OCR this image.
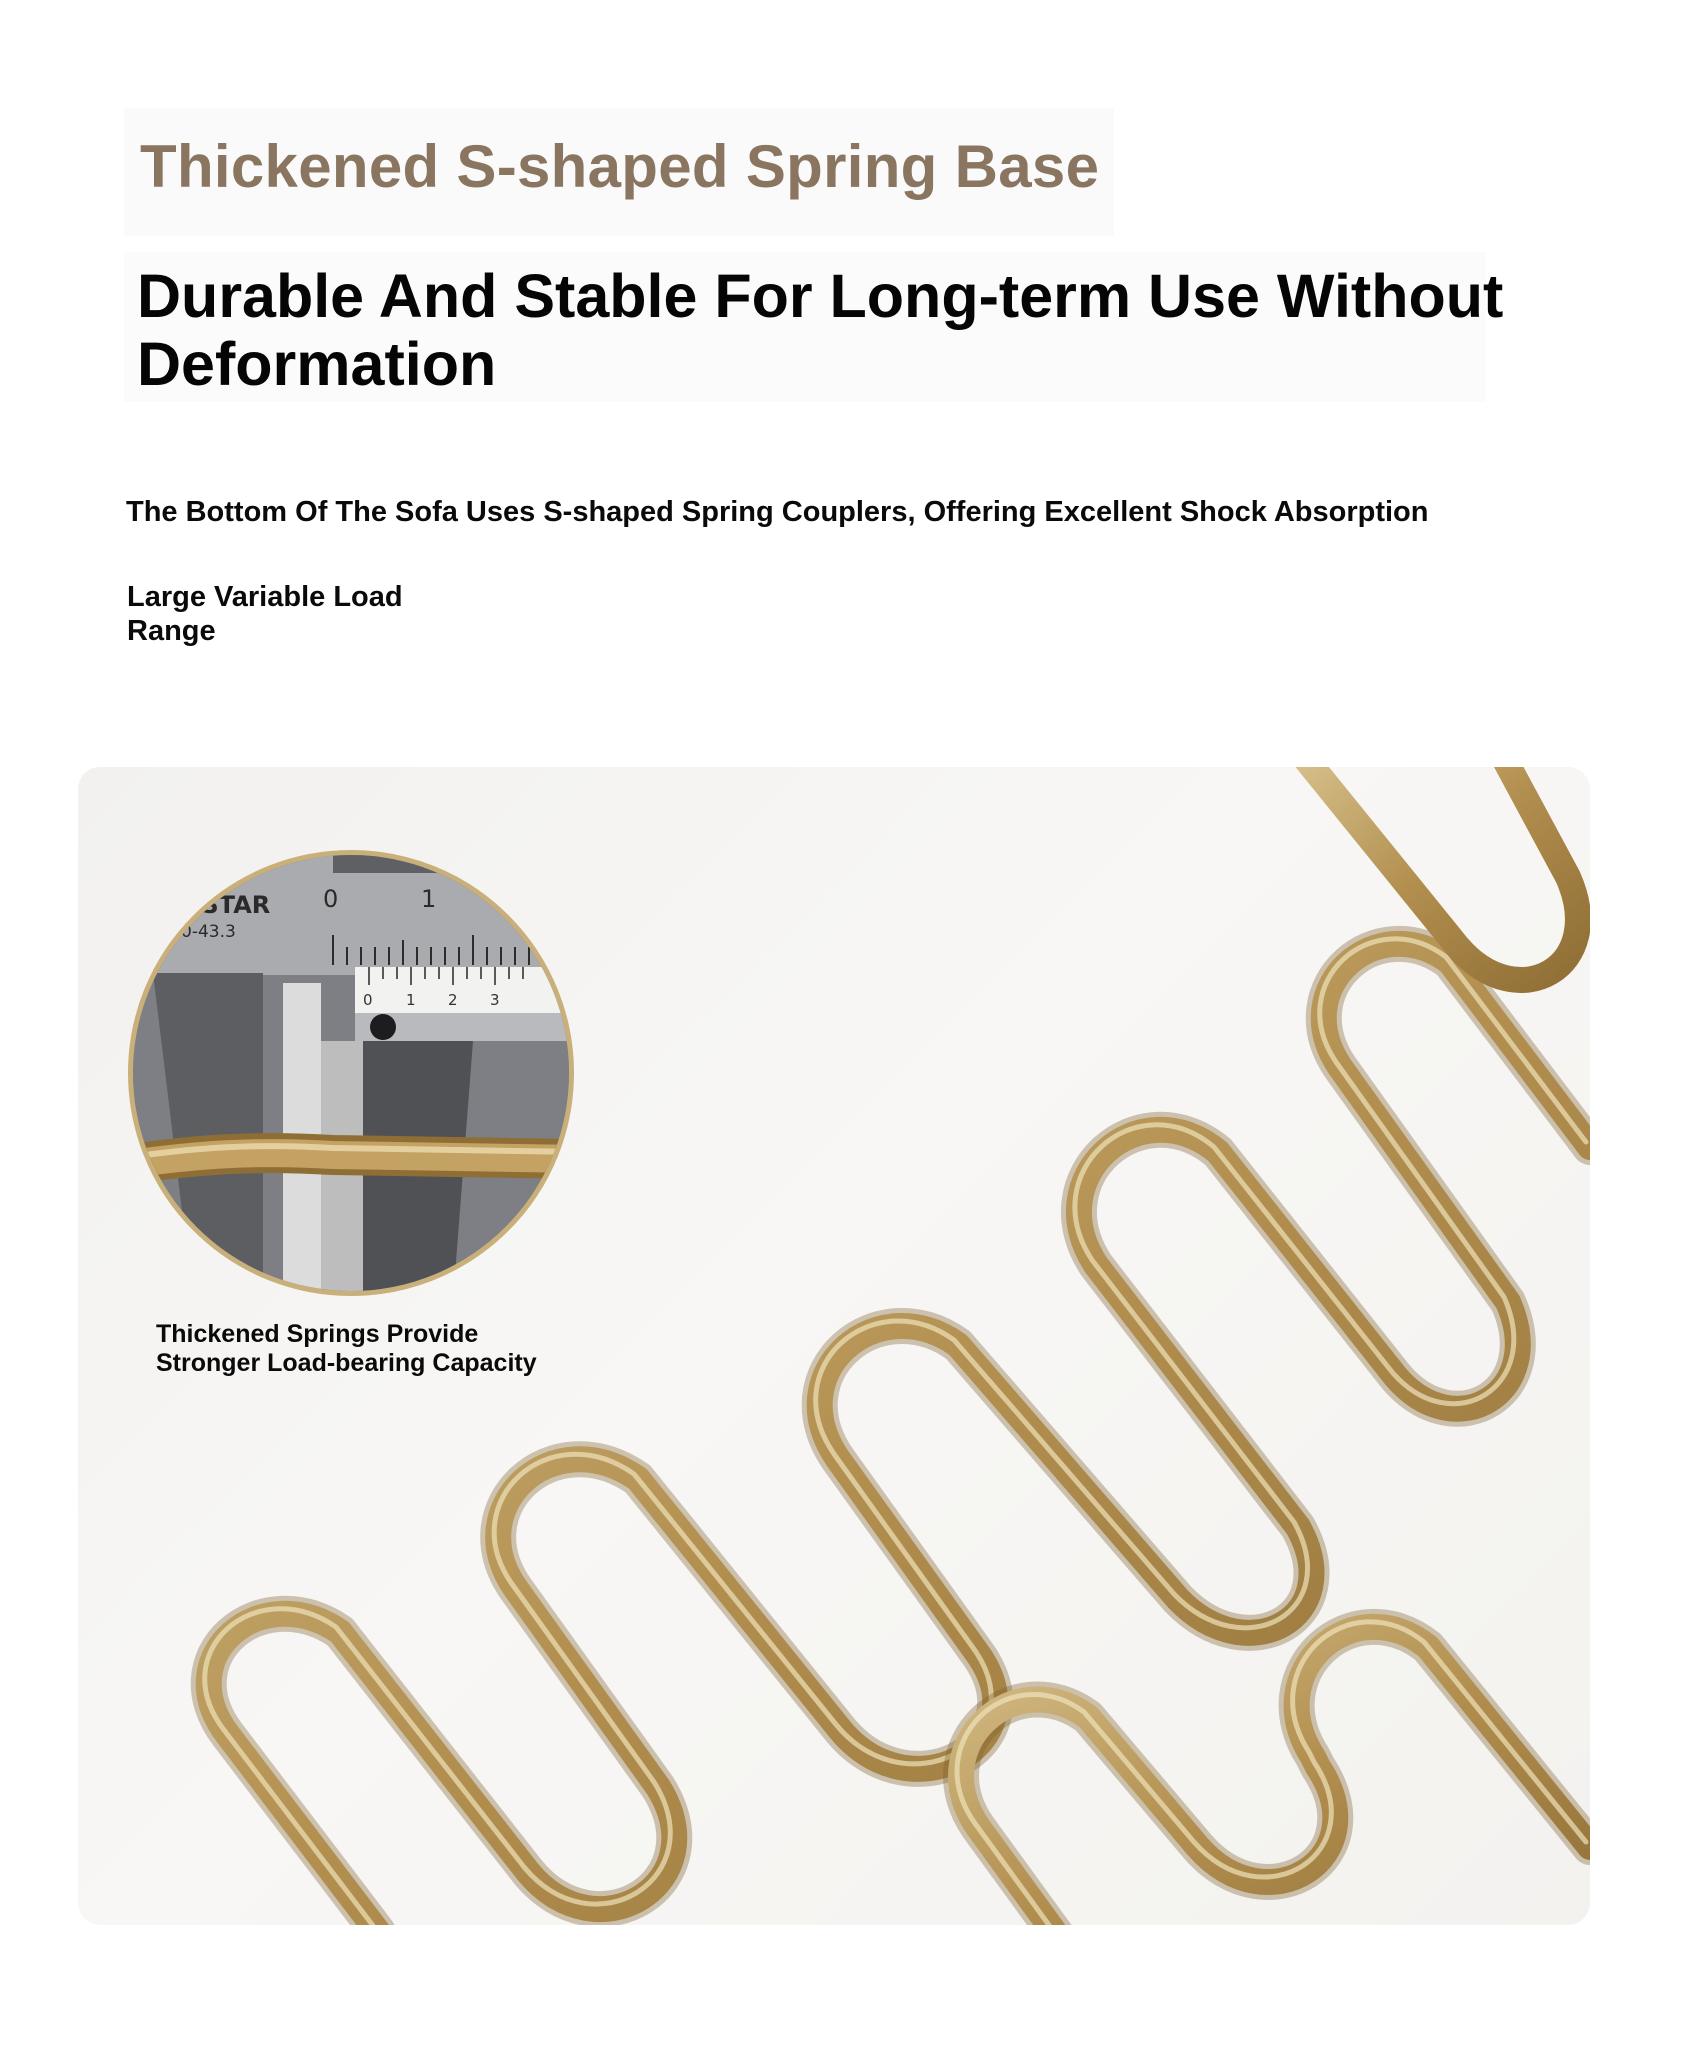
Thickened S-shaped Spring Base
Durable And Stable For Long-term Use Without Deformation

The Bottom Of The Sofa Uses S-shaped Spring Couplers, Offering Excellent Shock Absorption

Large Variable Load Range

ESTAR
0-43.3
0	1
0 1 2 3

Thickened Springs Provide Stronger Load-bearing Capacity
